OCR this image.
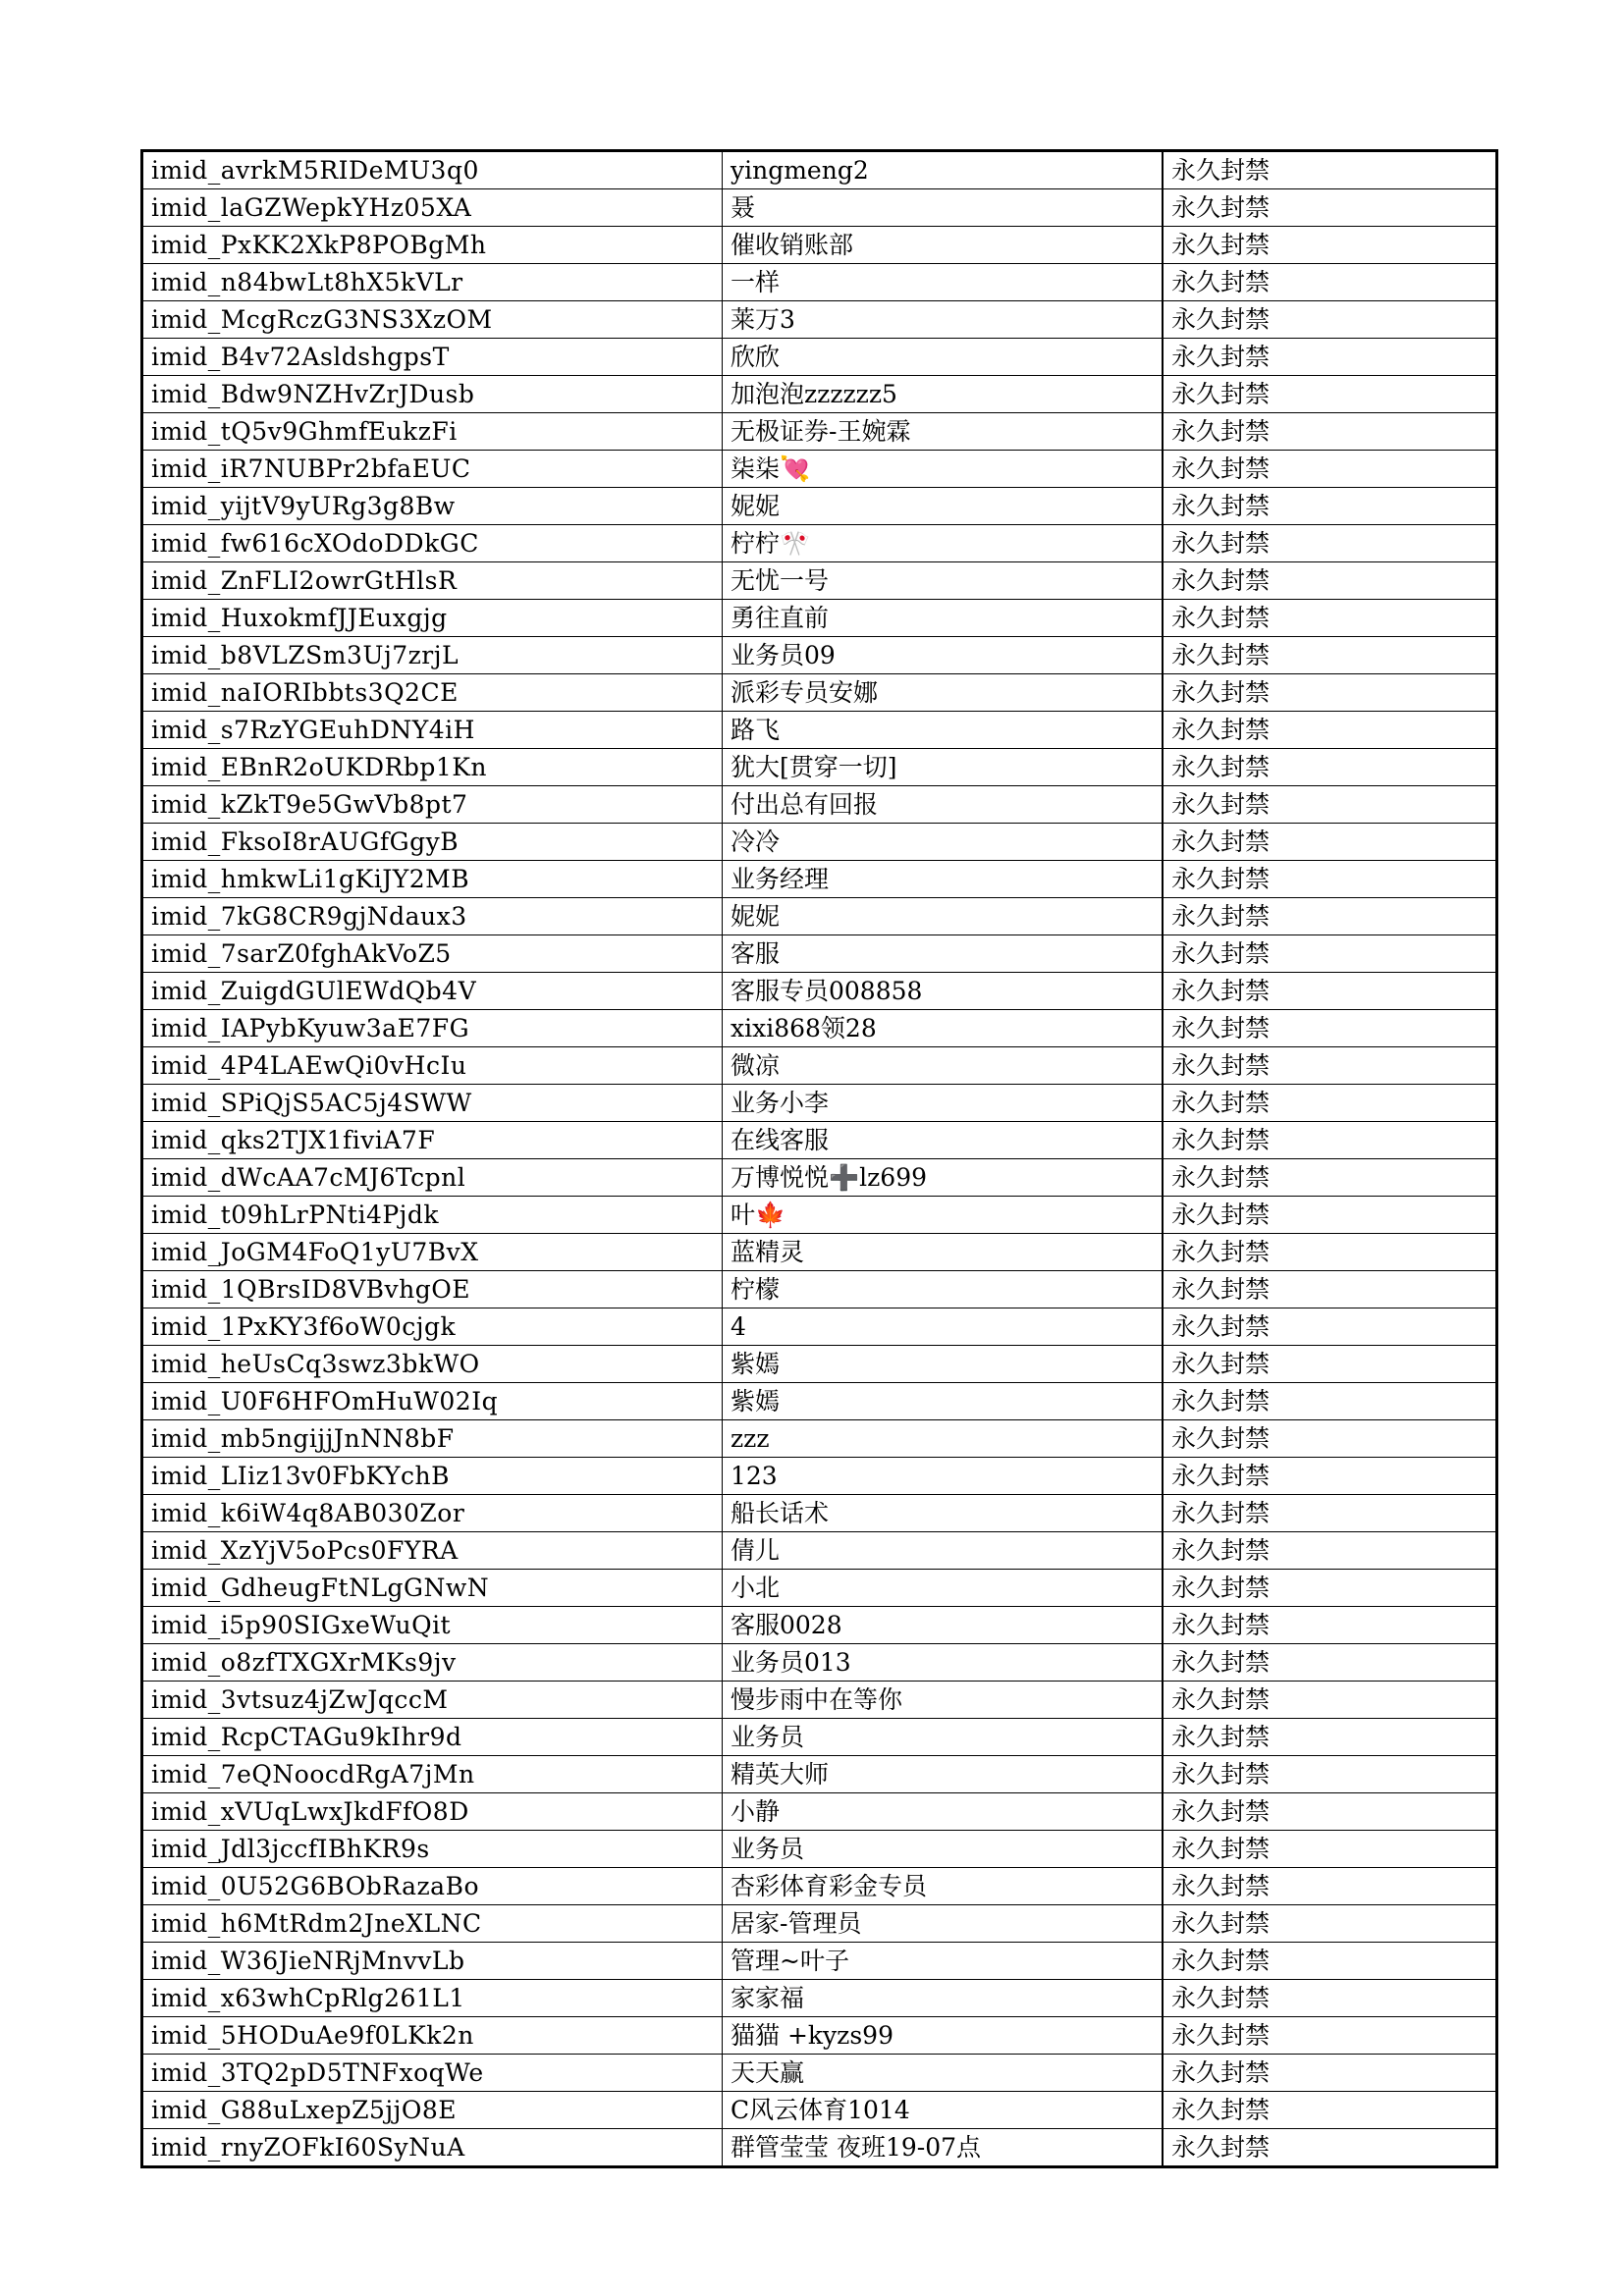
imid_avrkM5RIDeMU3q0	yingmeng2	永久封禁
imid_laGZWepkYHz05XA	聂	永久封禁
imid_PxKK2XkP8POBgMh	催收销账部	永久封禁
imid_n84bwLt8hX5kVLr	一样	永久封禁
imid_McgRczG3NS3XzOM	莱万3	永久封禁
imid_B4v72AsldshgpsT	欣欣	永久封禁
imid_Bdw9NZHvZrJDusb	加泡泡zzzzzz5	永久封禁
imid_tQ5v9GhmfEukzFi	无极证券-王婉霖	永久封禁
imid_iR7NUBPr2bfaEUC	柒柒💘	永久封禁
imid_yijtV9yURg3g8Bw	妮妮	永久封禁
imid_fw616cXOdoDDkGC	柠柠🎌	永久封禁
imid_ZnFLI2owrGtHlsR	无忧一号	永久封禁
imid_HuxokmfJJEuxgjg	勇往直前	永久封禁
imid_b8VLZSm3Uj7zrjL	业务员09	永久封禁
imid_naIORIbbts3Q2CE	派彩专员安娜	永久封禁
imid_s7RzYGEuhDNY4iH	路飞	永久封禁
imid_EBnR2oUKDRbp1Kn	犹大[贯穿一切]	永久封禁
imid_kZkT9e5GwVb8pt7	付出总有回报	永久封禁
imid_FksoI8rAUGfGgyB	冷冷	永久封禁
imid_hmkwLi1gKiJY2MB	业务经理	永久封禁
imid_7kG8CR9gjNdaux3	妮妮	永久封禁
imid_7sarZ0fghAkVoZ5	客服	永久封禁
imid_ZuigdGUlEWdQb4V	客服专员008858	永久封禁
imid_IAPybKyuw3aE7FG	xixi868领28	永久封禁
imid_4P4LAEwQi0vHcIu	微凉	永久封禁
imid_SPiQjS5AC5j4SWW	业务小李	永久封禁
imid_qks2TJX1fiviA7F	在线客服	永久封禁
imid_dWcAA7cMJ6Tcpnl	万博悦悦➕lz699	永久封禁
imid_t09hLrPNti4Pjdk	叶🍁	永久封禁
imid_JoGM4FoQ1yU7BvX	蓝精灵	永久封禁
imid_1QBrsID8VBvhgOE	柠檬	永久封禁
imid_1PxKY3f6oW0cjgk	4	永久封禁
imid_heUsCq3swz3bkWO	紫嫣	永久封禁
imid_U0F6HFOmHuW02Iq	紫嫣	永久封禁
imid_mb5ngijjJnNN8bF	zzz	永久封禁
imid_LIiz13v0FbKYchB	123	永久封禁
imid_k6iW4q8AB030Zor	船长话术	永久封禁
imid_XzYjV5oPcs0FYRA	倩儿	永久封禁
imid_GdheugFtNLgGNwN	小北	永久封禁
imid_i5p90SIGxeWuQit	客服0028	永久封禁
imid_o8zfTXGXrMKs9jv	业务员013	永久封禁
imid_3vtsuz4jZwJqccM	慢步雨中在等你	永久封禁
imid_RcpCTAGu9kIhr9d	业务员	永久封禁
imid_7eQNoocdRgA7jMn	精英大师	永久封禁
imid_xVUqLwxJkdFfO8D	小静	永久封禁
imid_Jdl3jccfIBhKR9s	业务员	永久封禁
imid_0U52G6BObRazaBo	杏彩体育彩金专员	永久封禁
imid_h6MtRdm2JneXLNC	居家-管理员	永久封禁
imid_W36JieNRjMnvvLb	管理~叶子	永久封禁
imid_x63whCpRlg261L1	家家福	永久封禁
imid_5HODuAe9f0LKk2n	猫猫 +kyzs99	永久封禁
imid_3TQ2pD5TNFxoqWe	天天赢	永久封禁
imid_G88uLxepZ5jjO8E	C风云体育1014	永久封禁
imid_rnyZOFkI60SyNuA	群管莹莹 夜班19-07点	永久封禁
